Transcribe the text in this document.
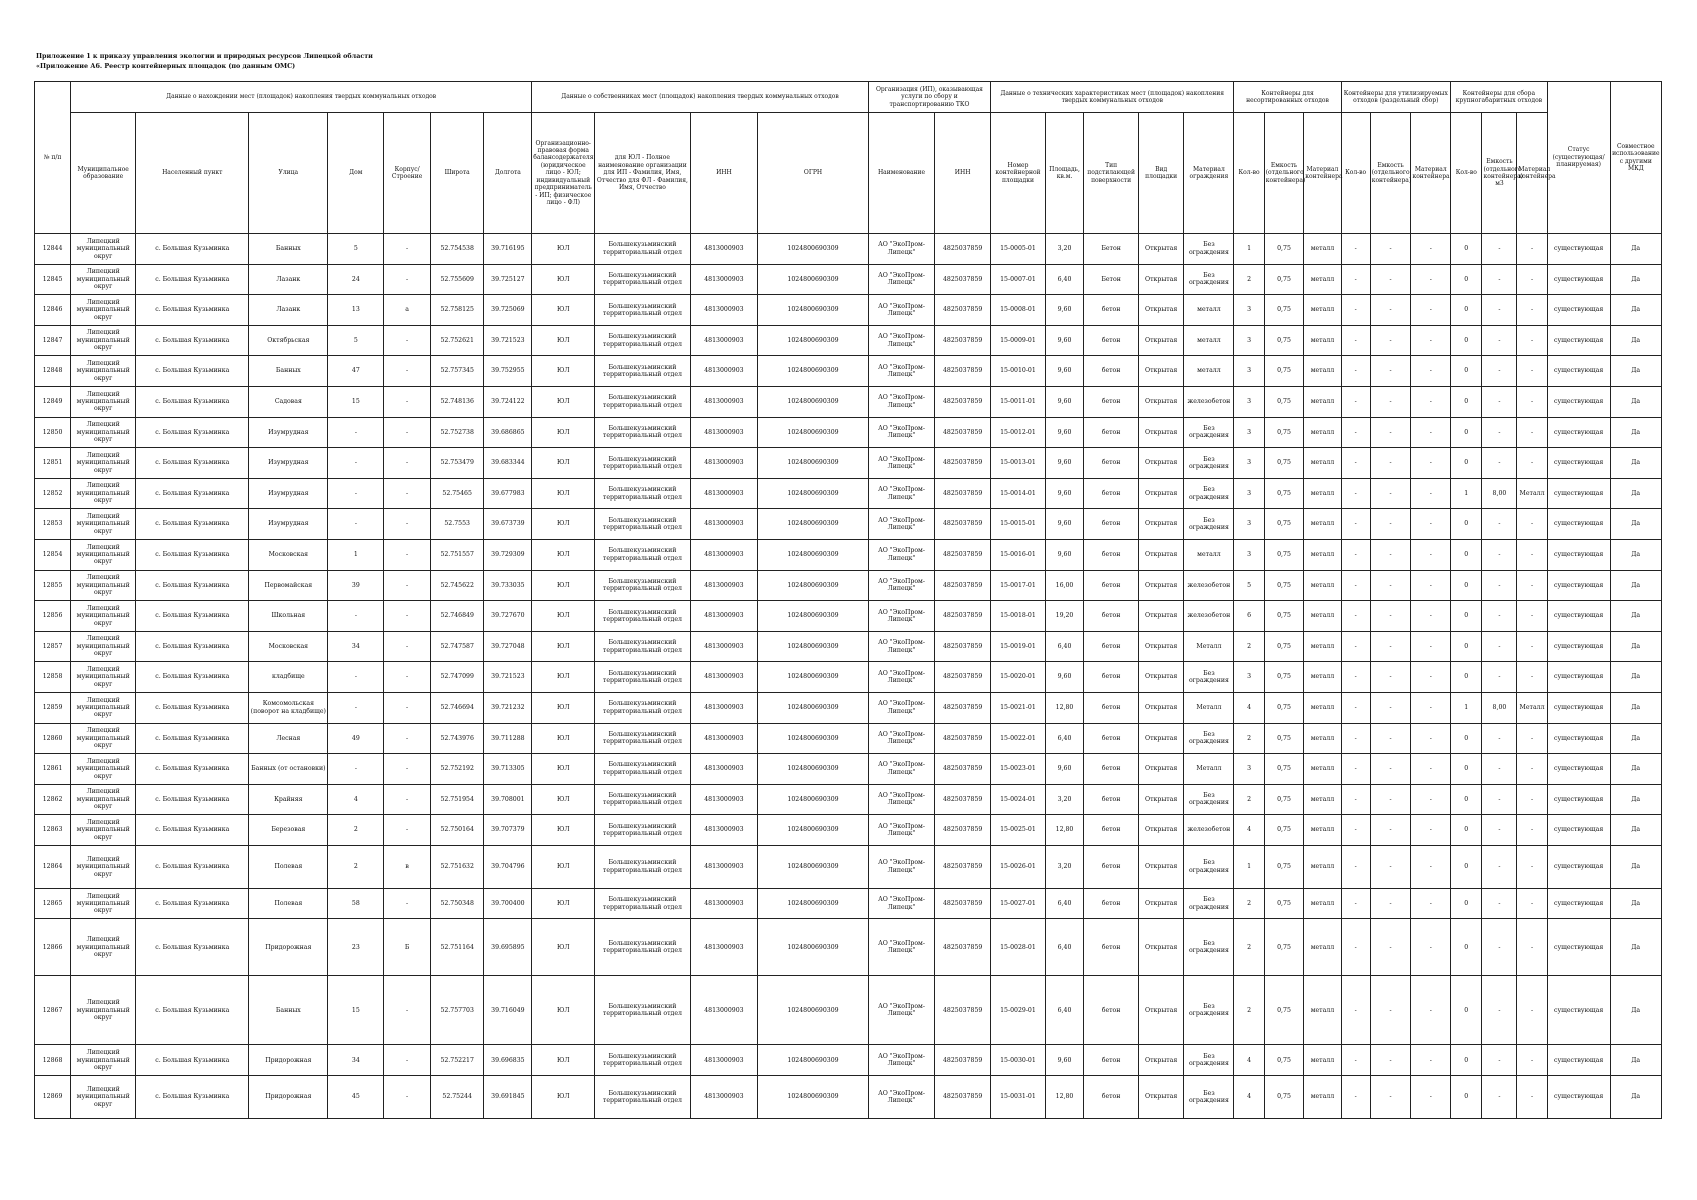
Приложение 1 к приказу управления экологии и природных ресурсов Липецкой области
«Приложение А6. Реестр контейнерных площадок (по данным ОМС)
№ п/п	Данные о нахождении мест (площадок) накопления твердых коммунальных отходов							Данные о собственниках мест (площадок) накопления твердых коммунальных отходов				Организация (ИП), оказывающая услуги по сбору и транспортированию ТКО		Данные о технических характеристиках мест (площадок) накопления твердых коммунальных отходов					Контейнеры для несортированных отходов			Контейнеры для утилизируемых отходов (раздельный сбор)			Контейнеры для сбора крупногабаритных отходов			Статус (существующая/ планируемая)	Совместное использование с другими МКД
	Муниципальное образование	Населенный пункт	Улица	Дом	Корпус/Строение	Широта	Долгота	Организационно-правовая форма балансодержателя (юридическое лицо - ЮЛ; индивидуальный предприниматель - ИП; физическое лицо - ФЛ)	для ЮЛ - Полное наименование организации для ИП - Фамилия, Имя, Отчество для ФЛ - Фамилия, Имя, Отчество	ИНН	ОГРН	Наименование	ИНН	Номер контейнерной площадки	Площадь, кв.м.	Тип подстилающей поверхности	Вид площадки	Материал ограждения	Кол-во	Емкость (отдельного контейнера)	Материал контейнера	Кол-во	Емкость (отдельного контейнера)	Материал контейнера	Кол-во	Емкость (отдельного контейнера) м3	Материал контейнера		
12844	Липецкий муниципальный округ	с. Большая Кузьминка	Банных	5	-	52.754538	39.716195	ЮЛ	Большекузьминский территориальный отдел	4813000903	1024800690309	АО "ЭкоПром-Липецк"	4825037859	15-0005-01	3,20	Бетон	Открытая	Без ограждения	1	0,75	металл	-	-	-	0	-	-	существующая	Да
12845	Липецкий муниципальный округ	с. Большая Кузьминка	Лазанк	24	-	52.755609	39.725127	ЮЛ	Большекузьминский территориальный отдел	4813000903	1024800690309	АО "ЭкоПром-Липецк"	4825037859	15-0007-01	6,40	Бетон	Открытая	Без ограждения	2	0,75	металл	-	-	-	0	-	-	существующая	Да
12846	Липецкий муниципальный округ	с. Большая Кузьминка	Лазанк	13	а	52.758125	39.725069	ЮЛ	Большекузьминский территориальный отдел	4813000903	1024800690309	АО "ЭкоПром-Липецк"	4825037859	15-0008-01	9,60	бетон	Открытая	металл	3	0,75	металл	-	-	-	0	-	-	существующая	Да
12847	Липецкий муниципальный округ	с. Большая Кузьминка	Октябрьская	5	-	52.752621	39.721523	ЮЛ	Большекузьминский территориальный отдел	4813000903	1024800690309	АО "ЭкоПром-Липецк"	4825037859	15-0009-01	9,60	бетон	Открытая	металл	3	0,75	металл	-	-	-	0	-	-	существующая	Да
12848	Липецкий муниципальный округ	с. Большая Кузьминка	Банных	47	-	52.757345	39.752955	ЮЛ	Большекузьминский территориальный отдел	4813000903	1024800690309	АО "ЭкоПром-Липецк"	4825037859	15-0010-01	9,60	бетон	Открытая	металл	3	0,75	металл	-	-	-	0	-	-	существующая	Да
12849	Липецкий муниципальный округ	с. Большая Кузьминка	Садовая	15	-	52.748136	39.724122	ЮЛ	Большекузьминский территориальный отдел	4813000903	1024800690309	АО "ЭкоПром-Липецк"	4825037859	15-0011-01	9,60	бетон	Открытая	железобетон	3	0,75	металл	-	-	-	0	-	-	существующая	Да
12850	Липецкий муниципальный округ	с. Большая Кузьминка	Изумрудная	-	-	52.752738	39.686865	ЮЛ	Большекузьминский территориальный отдел	4813000903	1024800690309	АО "ЭкоПром-Липецк"	4825037859	15-0012-01	9,60	бетон	Открытая	Без ограждения	3	0,75	металл	-	-	-	0	-	-	существующая	Да
12851	Липецкий муниципальный округ	с. Большая Кузьминка	Изумрудная	-	-	52.753479	39.683344	ЮЛ	Большекузьминский территориальный отдел	4813000903	1024800690309	АО "ЭкоПром-Липецк"	4825037859	15-0013-01	9,60	бетон	Открытая	Без ограждения	3	0,75	металл	-	-	-	0	-	-	существующая	Да
12852	Липецкий муниципальный округ	с. Большая Кузьминка	Изумрудная	-	-	52.75465	39.677983	ЮЛ	Большекузьминский территориальный отдел	4813000903	1024800690309	АО "ЭкоПром-Липецк"	4825037859	15-0014-01	9,60	бетон	Открытая	Без ограждения	3	0,75	металл	-	-	-	1	8,00	Металл	существующая	Да
12853	Липецкий муниципальный округ	с. Большая Кузьминка	Изумрудная	-	-	52.7553	39.673739	ЮЛ	Большекузьминский территориальный отдел	4813000903	1024800690309	АО "ЭкоПром-Липецк"	4825037859	15-0015-01	9,60	бетон	Открытая	Без ограждения	3	0,75	металл	-	-	-	0	-	-	существующая	Да
12854	Липецкий муниципальный округ	с. Большая Кузьминка	Московская	1	-	52.751557	39.729309	ЮЛ	Большекузьминский территориальный отдел	4813000903	1024800690309	АО "ЭкоПром-Липецк"	4825037859	15-0016-01	9,60	бетон	Открытая	металл	3	0,75	металл	-	-	-	0	-	-	существующая	Да
12855	Липецкий муниципальный округ	с. Большая Кузьминка	Первомайская	39	-	52.745622	39.733035	ЮЛ	Большекузьминский территориальный отдел	4813000903	1024800690309	АО "ЭкоПром-Липецк"	4825037859	15-0017-01	16,00	бетон	Открытая	железобетон	5	0,75	металл	-	-	-	0	-	-	существующая	Да
12856	Липецкий муниципальный округ	с. Большая Кузьминка	Школьная	-	-	52.746849	39.727670	ЮЛ	Большекузьминский территориальный отдел	4813000903	1024800690309	АО "ЭкоПром-Липецк"	4825037859	15-0018-01	19,20	бетон	Открытая	железобетон	6	0,75	металл	-	-	-	0	-	-	существующая	Да
12857	Липецкий муниципальный округ	с. Большая Кузьминка	Московская	34	-	52.747587	39.727048	ЮЛ	Большекузьминский территориальный отдел	4813000903	1024800690309	АО "ЭкоПром-Липецк"	4825037859	15-0019-01	6,40	бетон	Открытая	Металл	2	0,75	металл	-	-	-	0	-	-	существующая	Да
12858	Липецкий муниципальный округ	с. Большая Кузьминка	кладбище	-	-	52.747099	39.721523	ЮЛ	Большекузьминский территориальный отдел	4813000903	1024800690309	АО "ЭкоПром-Липецк"	4825037859	15-0020-01	9,60	бетон	Открытая	Без ограждения	3	0,75	металл	-	-	-	0	-	-	существующая	Да
12859	Липецкий муниципальный округ	с. Большая Кузьминка	Комсомольская (поворот на кладбище)	-	-	52.746694	39.721232	ЮЛ	Большекузьминский территориальный отдел	4813000903	1024800690309	АО "ЭкоПром-Липецк"	4825037859	15-0021-01	12,80	бетон	Открытая	Металл	4	0,75	металл	-	-	-	1	8,00	Металл	существующая	Да
12860	Липецкий муниципальный округ	с. Большая Кузьминка	Лесная	49	-	52.743976	39.711288	ЮЛ	Большекузьминский территориальный отдел	4813000903	1024800690309	АО "ЭкоПром-Липецк"	4825037859	15-0022-01	6,40	бетон	Открытая	Без ограждения	2	0,75	металл	-	-	-	0	-	-	существующая	Да
12861	Липецкий муниципальный округ	с. Большая Кузьминка	Банных (от остановки)	-	-	52.752192	39.713305	ЮЛ	Большекузьминский территориальный отдел	4813000903	1024800690309	АО "ЭкоПром-Липецк"	4825037859	15-0023-01	9,60	бетон	Открытая	Металл	3	0,75	металл	-	-	-	0	-	-	существующая	Да
12862	Липецкий муниципальный округ	с. Большая Кузьминка	Крайняя	4	-	52.751954	39.708001	ЮЛ	Большекузьминский территориальный отдел	4813000903	1024800690309	АО "ЭкоПром-Липецк"	4825037859	15-0024-01	3,20	бетон	Открытая	Без ограждения	2	0,75	металл	-	-	-	0	-	-	существующая	Да
12863	Липецкий муниципальный округ	с. Большая Кузьминка	Березовая	2	-	52.750164	39.707379	ЮЛ	Большекузьминский территориальный отдел	4813000903	1024800690309	АО "ЭкоПром-Липецк"	4825037859	15-0025-01	12,80	бетон	Открытая	железобетон	4	0,75	металл	-	-	-	0	-	-	существующая	Да
12864	Липецкий муниципальный округ	с. Большая Кузьминка	Полевая	2	в	52.751632	39.704796	ЮЛ	Большекузьминский территориальный отдел	4813000903	1024800690309	АО "ЭкоПром-Липецк"	4825037859	15-0026-01	3,20	бетон	Открытая	Без ограждения	1	0,75	металл	-	-	-	0	-	-	существующая	Да
12865	Липецкий муниципальный округ	с. Большая Кузьминка	Полевая	58	-	52.750348	39.700400	ЮЛ	Большекузьминский территориальный отдел	4813000903	1024800690309	АО "ЭкоПром-Липецк"	4825037859	15-0027-01	6,40	бетон	Открытая	Без ограждения	2	0,75	металл	-	-	-	0	-	-	существующая	Да
12866	Липецкий муниципальный округ	с. Большая Кузьминка	Придорожная	23	Б	52.751164	39.695895	ЮЛ	Большекузьминский территориальный отдел	4813000903	1024800690309	АО "ЭкоПром-Липецк"	4825037859	15-0028-01	6,40	бетон	Открытая	Без ограждения	2	0,75	металл	-	-	-	0	-	-	существующая	Да
12867	Липецкий муниципальный округ	с. Большая Кузьминка	Банных	15	-	52.757703	39.716049	ЮЛ	Большекузьминский территориальный отдел	4813000903	1024800690309	АО "ЭкоПром-Липецк"	4825037859	15-0029-01	6,40	бетон	Открытая	Без ограждения	2	0,75	металл	-	-	-	0	-	-	существующая	Да
12868	Липецкий муниципальный округ	с. Большая Кузьминка	Придорожная	34	-	52.752217	39.696835	ЮЛ	Большекузьминский территориальный отдел	4813000903	1024800690309	АО "ЭкоПром-Липецк"	4825037859	15-0030-01	9,60	бетон	Открытая	Без ограждения	4	0,75	металл	-	-	-	0	-	-	существующая	Да
12869	Липецкий муниципальный округ	с. Большая Кузьминка	Придорожная	45	-	52.75244	39.691845	ЮЛ	Большекузьминский территориальный отдел	4813000903	1024800690309	АО "ЭкоПром-Липецк"	4825037859	15-0031-01	12,80	бетон	Открытая	Без ограждения	4	0,75	металл	-	-	-	0	-	-	существующая	Да
